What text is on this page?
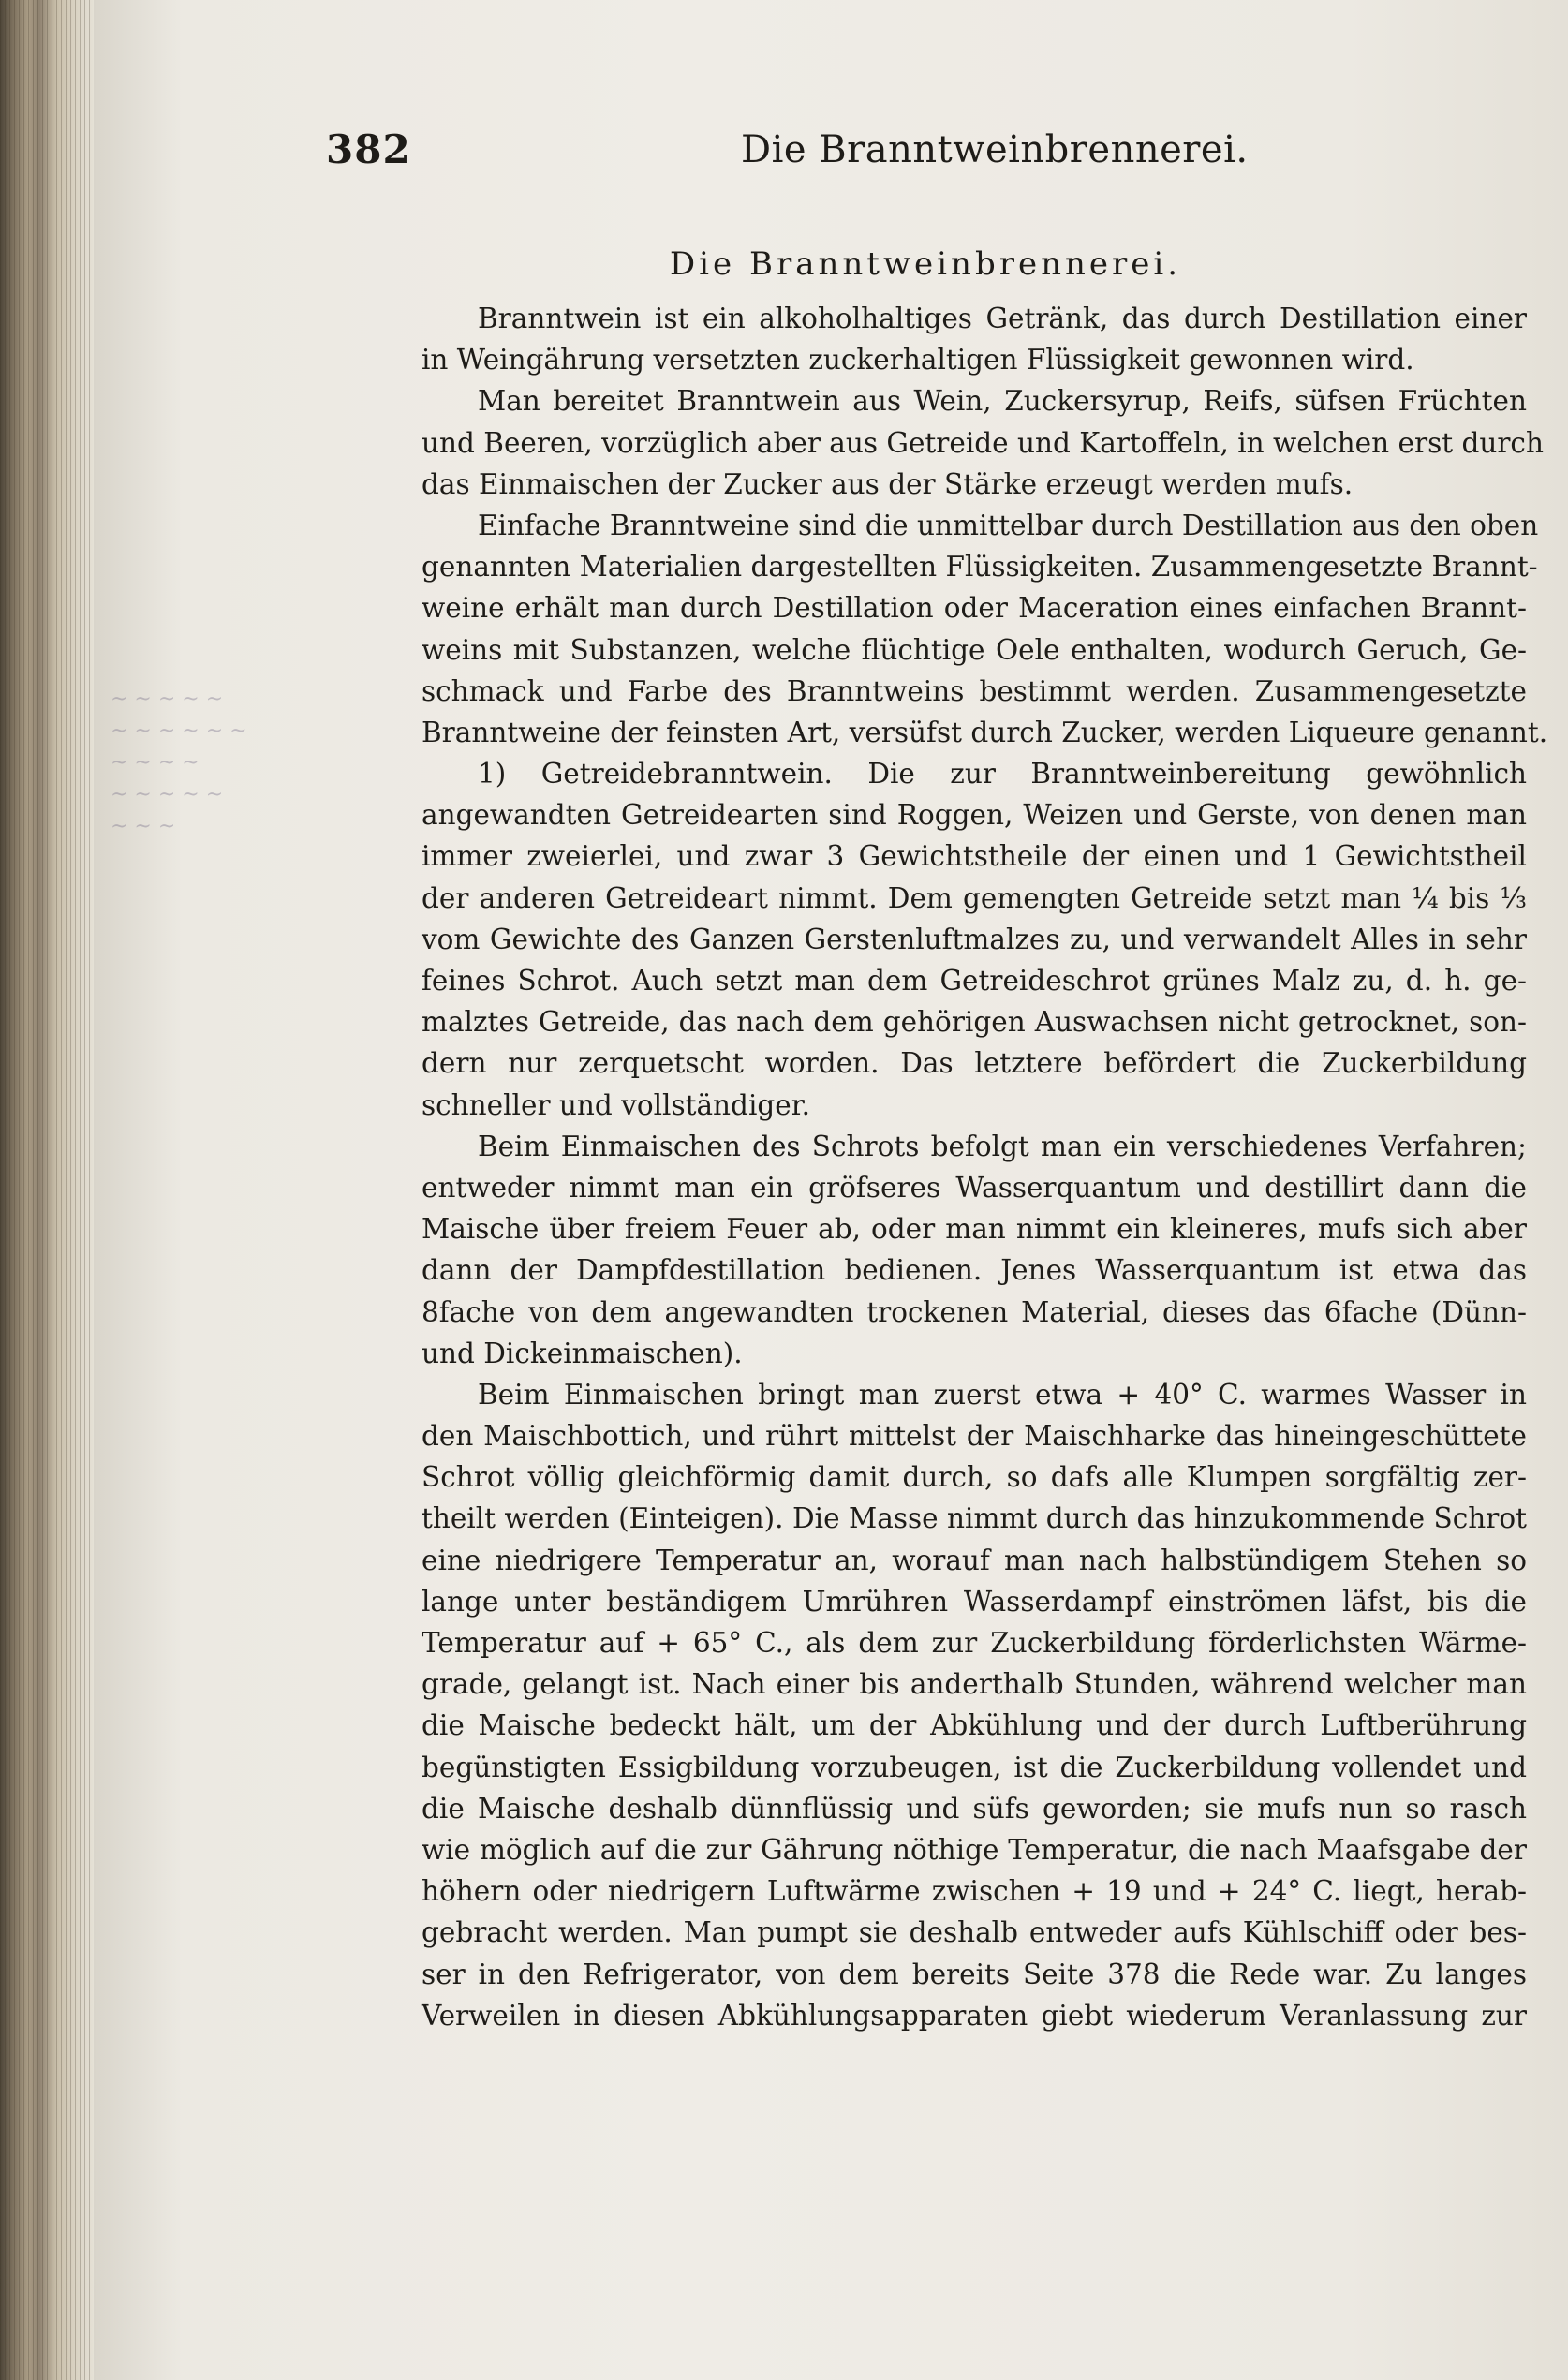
~ ~ ~ ~ ~
~ ~ ~ ~ ~ ~
~ ~ ~ ~
~ ~ ~ ~ ~
~ ~ ~
382	Die Branntweinbrennerei.
Die Branntweinbrennerei.
Branntwein ist ein alkoholhaltiges Getränk, das durch Destillation einer
in Weingährung versetzten zuckerhaltigen Flüssigkeit gewonnen wird.
Man bereitet Branntwein aus Wein, Zuckersyrup, Reifs, süfsen Früchten
und Beeren, vorzüglich aber aus Getreide und Kartoffeln, in welchen erst durch
das Einmaischen der Zucker aus der Stärke erzeugt werden mufs.
Einfache Branntweine sind die unmittelbar durch Destillation aus den oben
genannten Materialien dargestellten Flüssigkeiten. Zusammengesetzte Brannt-
weine erhält man durch Destillation oder Maceration eines einfachen Brannt-
weins mit Substanzen, welche flüchtige Oele enthalten, wodurch Geruch, Ge-
schmack und Farbe des Branntweins bestimmt werden. Zusammengesetzte
Branntweine der feinsten Art, versüfst durch Zucker, werden Liqueure genannt.
1) Getreidebranntwein. Die zur Branntweinbereitung gewöhnlich
angewandten Getreidearten sind Roggen, Weizen und Gerste, von denen man
immer zweierlei, und zwar 3 Gewichtstheile der einen und 1 Gewichtstheil
der anderen Getreideart nimmt. Dem gemengten Getreide setzt man ¼ bis ⅓
vom Gewichte des Ganzen Gerstenluftmalzes zu, und verwandelt Alles in sehr
feines Schrot. Auch setzt man dem Getreideschrot grünes Malz zu, d. h. ge-
malztes Getreide, das nach dem gehörigen Auswachsen nicht getrocknet, son-
dern nur zerquetscht worden. Das letztere befördert die Zuckerbildung
schneller und vollständiger.
Beim Einmaischen des Schrots befolgt man ein verschiedenes Verfahren;
entweder nimmt man ein gröfseres Wasserquantum und destillirt dann die
Maische über freiem Feuer ab, oder man nimmt ein kleineres, mufs sich aber
dann der Dampfdestillation bedienen. Jenes Wasserquantum ist etwa das
8fache von dem angewandten trockenen Material, dieses das 6fache (Dünn-
und Dickeinmaischen).
Beim Einmaischen bringt man zuerst etwa + 40° C. warmes Wasser in
den Maischbottich, und rührt mittelst der Maischharke das hineingeschüttete
Schrot völlig gleichförmig damit durch, so dafs alle Klumpen sorgfältig zer-
theilt werden (Einteigen). Die Masse nimmt durch das hinzukommende Schrot
eine niedrigere Temperatur an, worauf man nach halbstündigem Stehen so
lange unter beständigem Umrühren Wasserdampf einströmen läfst, bis die
Temperatur auf + 65° C., als dem zur Zuckerbildung förderlichsten Wärme-
grade, gelangt ist. Nach einer bis anderthalb Stunden, während welcher man
die Maische bedeckt hält, um der Abkühlung und der durch Luftberührung
begünstigten Essigbildung vorzubeugen, ist die Zuckerbildung vollendet und
die Maische deshalb dünnflüssig und süfs geworden; sie mufs nun so rasch
wie möglich auf die zur Gährung nöthige Temperatur, die nach Maafsgabe der
höhern oder niedrigern Luftwärme zwischen + 19 und + 24° C. liegt, herab-
gebracht werden. Man pumpt sie deshalb entweder aufs Kühlschiff oder bes-
ser in den Refrigerator, von dem bereits Seite 378 die Rede war. Zu langes
Verweilen in diesen Abkühlungsapparaten giebt wiederum Veranlassung zur
